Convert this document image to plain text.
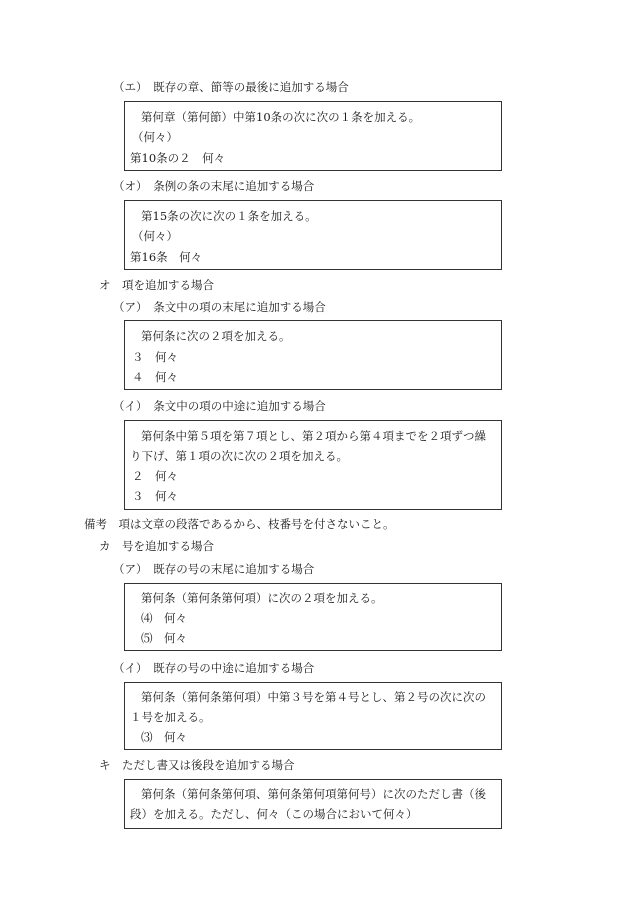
（エ）　既存の章、節等の最後に追加する場合
第何章（第何節）中第10条の次に次の１条を加える。
（何々）
第10条の２　何々
（オ）　条例の条の末尾に追加する場合
第15条の次に次の１条を加える。
（何々）
第16条　何々
オ　項を追加する場合
（ア）　条文中の項の末尾に追加する場合
第何条に次の２項を加える。
３　何々
４　何々
（イ）　条文中の項の中途に追加する場合
第何条中第５項を第７項とし、第２項から第４項までを２項ずつ繰
り下げ、第１項の次に次の２項を加える。
２　何々
３　何々
備考　項は文章の段落であるから、枝番号を付さないこと。
カ　号を追加する場合
（ア）　既存の号の末尾に追加する場合
第何条（第何条第何項）に次の２項を加える。
⑷　何々
⑸　何々
（イ）　既存の号の中途に追加する場合
第何条（第何条第何項）中第３号を第４号とし、第２号の次に次の
１号を加える。
⑶　何々
キ　ただし書又は後段を追加する場合
第何条（第何条第何項、第何条第何項第何号）に次のただし書（後
段）を加える。ただし、何々（この場合において何々）
